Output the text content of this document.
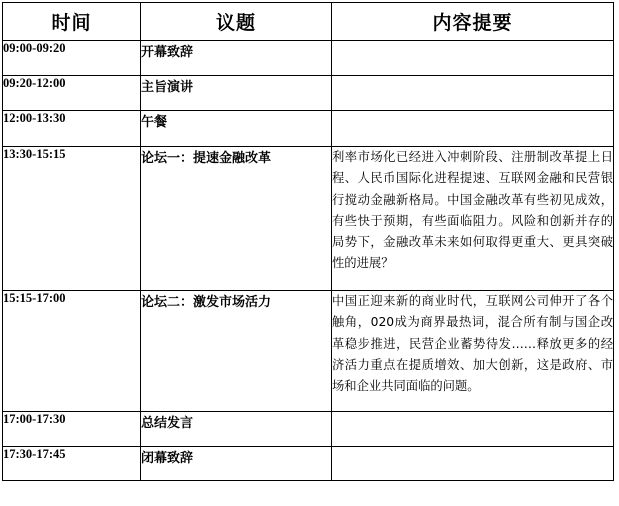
时间	议题	内容提要
09:00-09:20	开幕致辞	
09:20-12:00	主旨演讲	
12:00-13:30	午餐	
13:30-15:15	论坛一：提速金融改革	利率市场化已经进入冲刺阶段、注册制改革提上日程、人民币国际化进程提速、互联网金融和民营银行搅动金融新格局。中国金融改革有些初见成效，有些快于预期，有些面临阻力。风险和创新并存的局势下，金融改革未来如何取得更重大、更具突破性的进展？
15:15-17:00	论坛二：激发市场活力	中国正迎来新的商业时代，互联网公司伸开了各个触角，020成为商界最热词，混合所有制与国企改革稳步推进，民营企业蓄势待发……释放更多的经济活力重点在提质增效、加大创新，这是政府、市场和企业共同面临的问题。
17:00-17:30	总结发言	
17:30-17:45	闭幕致辞	
